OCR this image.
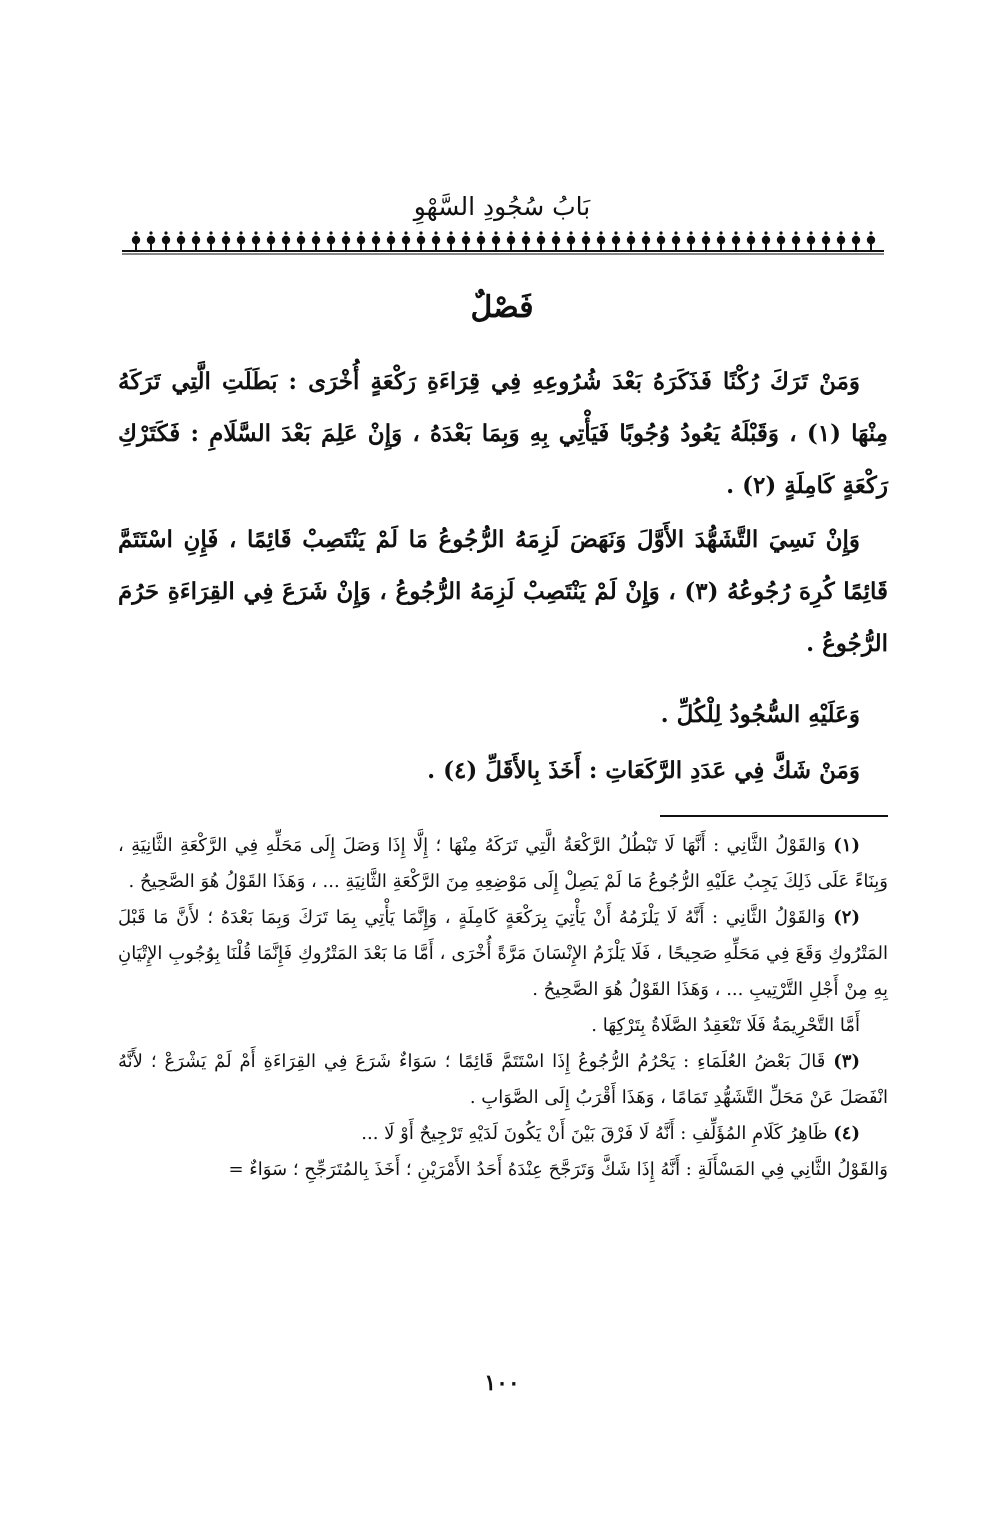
بَابُ سُجُودِ السَّهْوِ
فَصْلٌ

وَمَنْ تَرَكَ رُكْنًا فَذَكَرَهُ بَعْدَ شُرُوعِهِ فِي قِرَاءَةِ رَكْعَةٍ أُخْرَى : بَطَلَتِ الَّتِي تَرَكَهُ مِنْهَا (١) ، وَقَبْلَهُ يَعُودُ وُجُوبًا فَيَأْتِي بِهِ وَبِمَا بَعْدَهُ ، وَإِنْ عَلِمَ بَعْدَ السَّلَامِ : فَكَتَرْكِ رَكْعَةٍ كَامِلَةٍ (٢) .

وَإِنْ نَسِيَ التَّشَهُّدَ الأَوَّلَ وَنَهَضَ لَزِمَهُ الرُّجُوعُ مَا لَمْ يَنْتَصِبْ قَائِمًا ، فَإِنِ اسْتَتَمَّ قَائِمًا كُرِهَ رُجُوعُهُ (٣) ، وَإِنْ لَمْ يَنْتَصِبْ لَزِمَهُ الرُّجُوعُ ، وَإِنْ شَرَعَ فِي القِرَاءَةِ حَرُمَ الرُّجُوعُ .

وَعَلَيْهِ السُّجُودُ لِلْكُلِّ .

وَمَنْ شَكَّ فِي عَدَدِ الرَّكَعَاتِ : أَخَذَ بِالأَقَلِّ (٤) .

(١) وَالقَوْلُ الثَّانِي : أَنَّهَا لَا تَبْطُلُ الرَّكْعَةُ الَّتِي تَرَكَهُ مِنْهَا ؛ إِلَّا إِذَا وَصَلَ إِلَى مَحَلِّهِ فِي الرَّكْعَةِ الثَّانِيَةِ ، وَبِنَاءً عَلَى ذَلِكَ يَجِبُ عَلَيْهِ الرُّجُوعُ مَا لَمْ يَصِلْ إِلَى مَوْضِعِهِ مِنَ الرَّكْعَةِ الثَّانِيَةِ ... ، وَهَذَا القَوْلُ هُوَ الصَّحِيحُ .

(٢) وَالقَوْلُ الثَّانِي : أَنَّهُ لَا يَلْزَمُهُ أَنْ يَأْتِيَ بِرَكْعَةٍ كَامِلَةٍ ، وَإِنَّمَا يَأْتِي بِمَا تَرَكَ وَبِمَا بَعْدَهُ ؛ لأَنَّ مَا قَبْلَ المَتْرُوكِ وَقَعَ فِي مَحَلِّهِ صَحِيحًا ، فَلَا يَلْزَمُ الإِنْسَانَ مَرَّةً أُخْرَى ، أَمَّا مَا بَعْدَ المَتْرُوكِ فَإِنَّمَا قُلْنَا بِوُجُوبِ الإِتْيَانِ بِهِ مِنْ أَجْلِ التَّرْتِيبِ ... ، وَهَذَا القَوْلُ هُوَ الصَّحِيحُ .

أَمَّا التَّحْرِيمَةُ فَلَا تَنْعَقِدُ الصَّلَاةُ بِتَرْكِهَا .

(٣) قَالَ بَعْضُ العُلَمَاءِ : يَحْرُمُ الرُّجُوعُ إِذَا اسْتَتَمَّ قَائِمًا ؛ سَوَاءٌ شَرَعَ فِي القِرَاءَةِ أَمْ لَمْ يَشْرَعْ ؛ لأَنَّهُ انْفَصَلَ عَنْ مَحَلِّ التَّشَهُّدِ تَمَامًا ، وَهَذَا أَقْرَبُ إِلَى الصَّوَابِ .

(٤) ظَاهِرُ كَلَامِ المُؤَلِّفِ : أَنَّهُ لَا فَرْقَ بَيْنَ أَنْ يَكُونَ لَدَيْهِ تَرْجِيحٌ أَوْ لَا ...

وَالقَوْلُ الثَّانِي فِي المَسْأَلَةِ : أَنَّهُ إِذَا شَكَّ وَتَرَجَّحَ عِنْدَهُ أَحَدُ الأَمْرَيْنِ ؛ أَخَذَ بِالمُتَرَجِّحِ ؛ سَوَاءٌ =

١٠٠
